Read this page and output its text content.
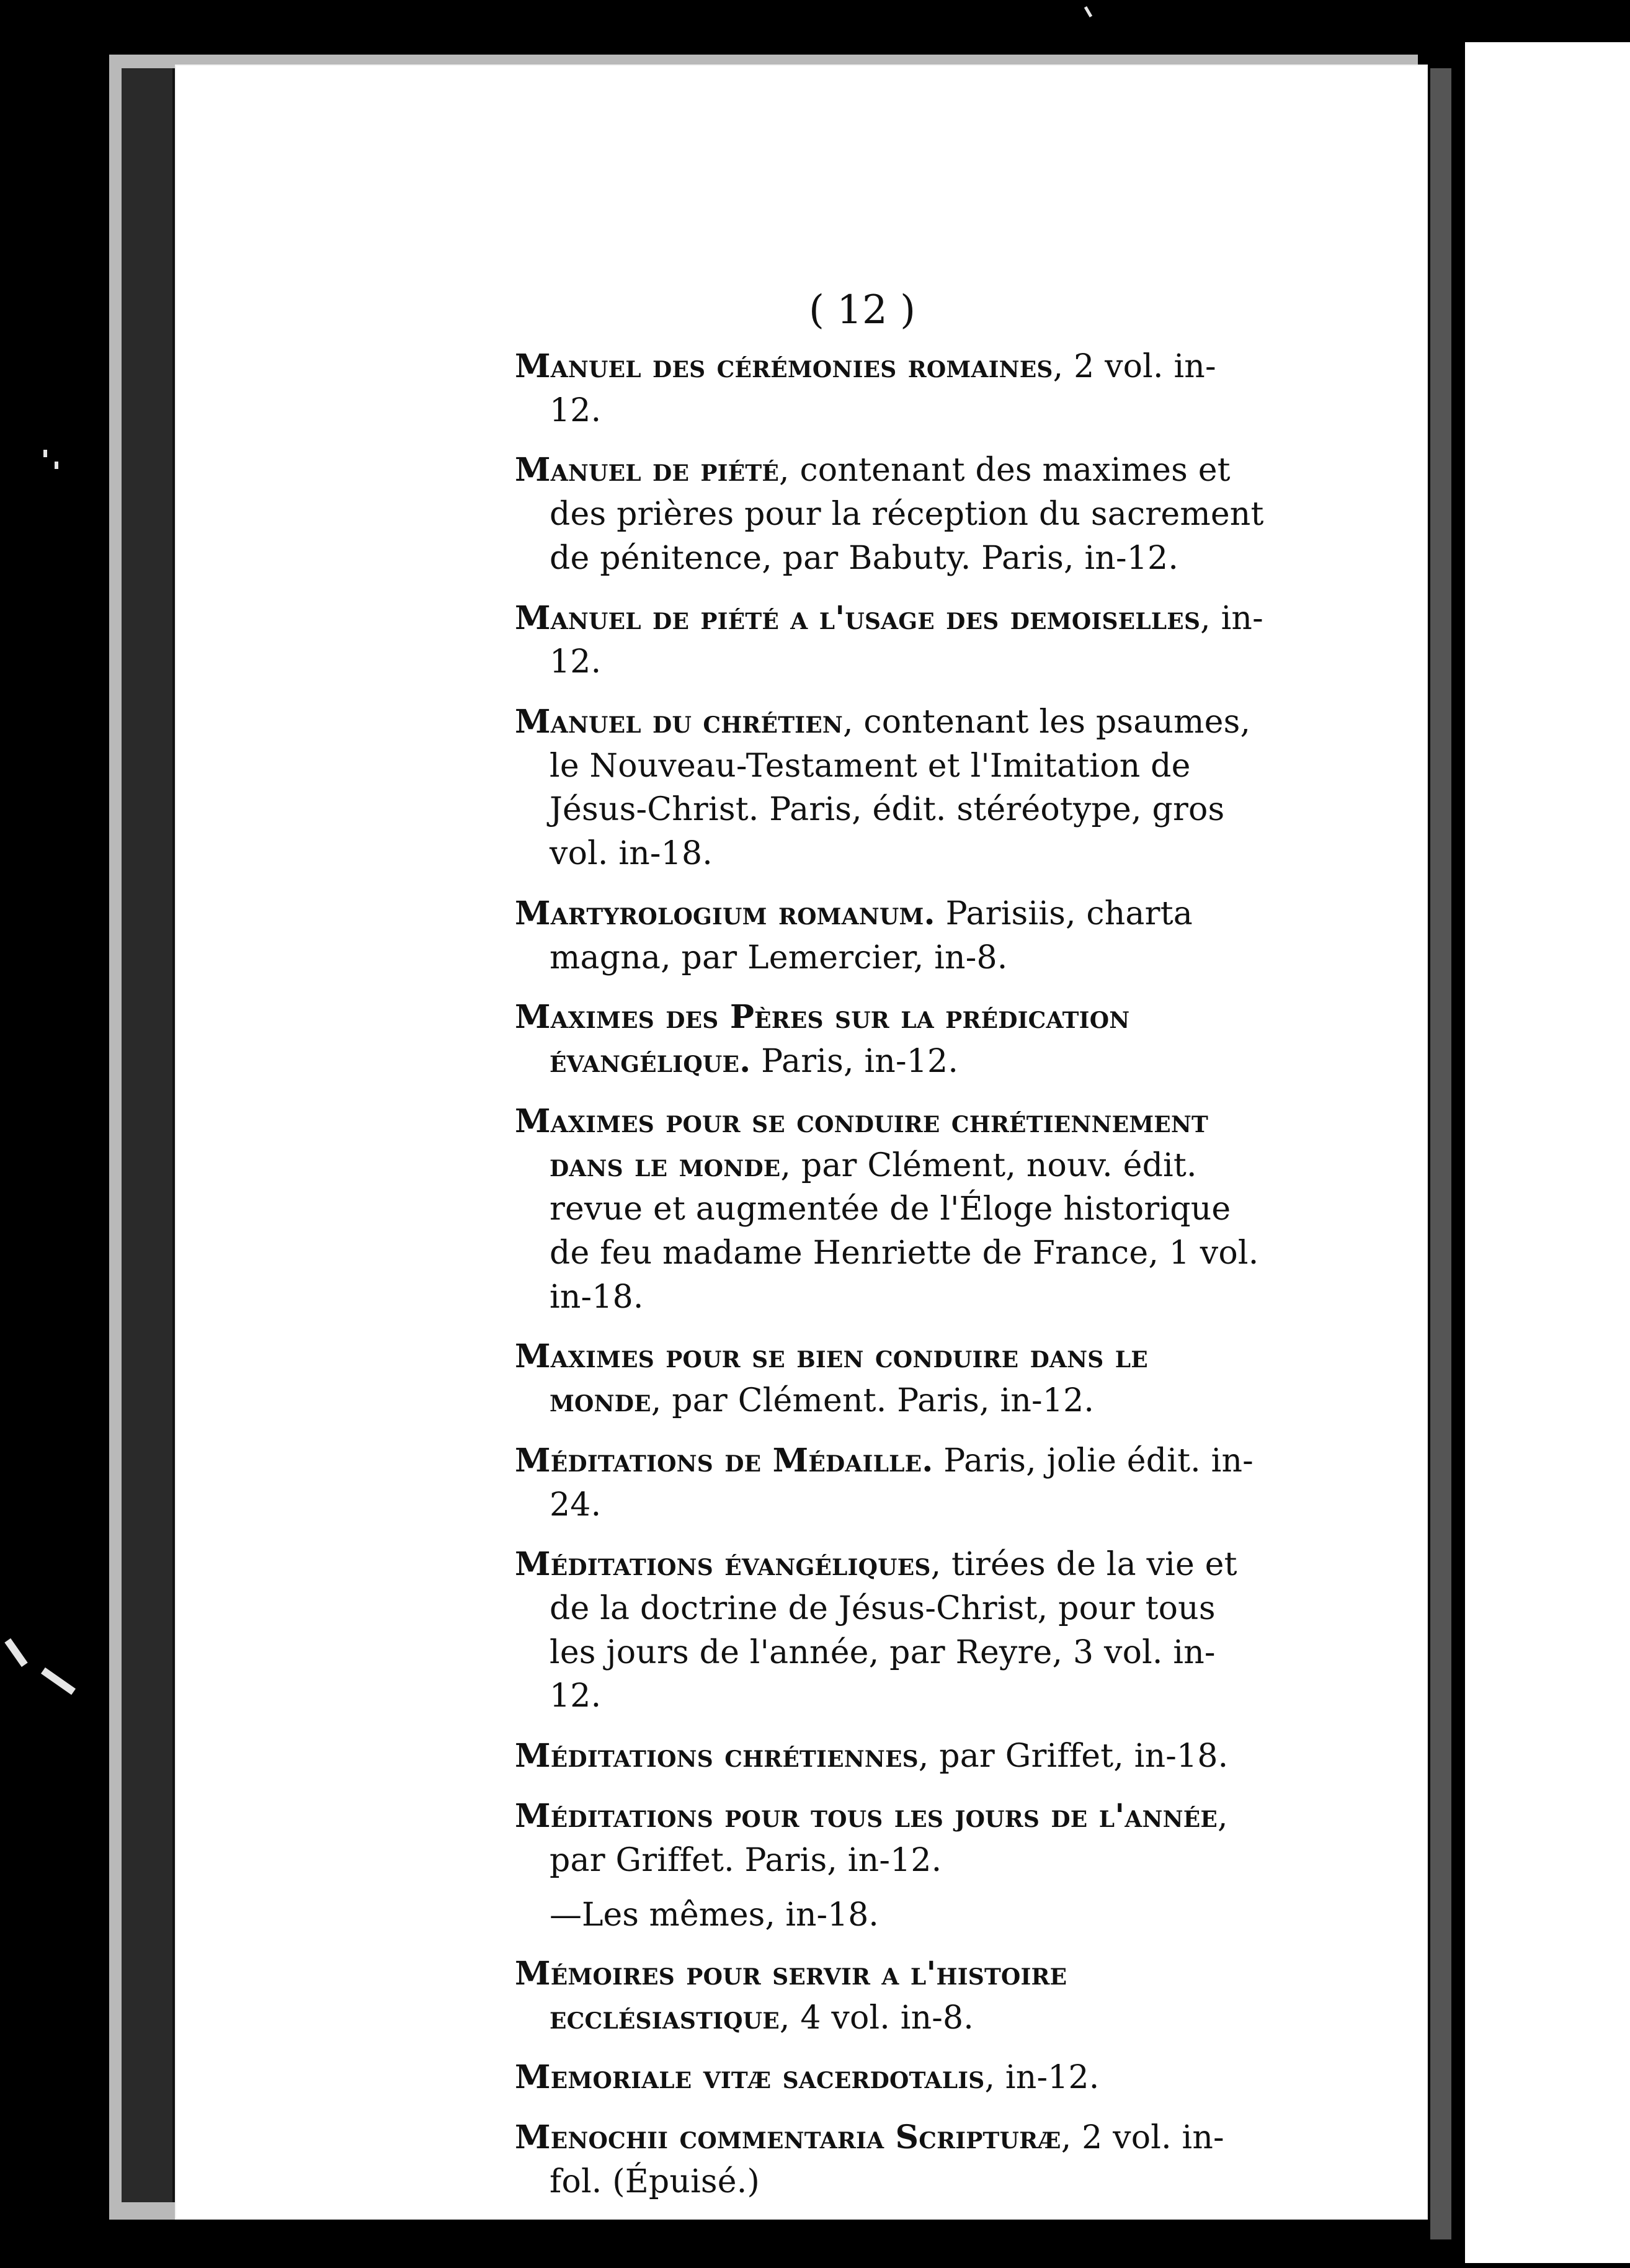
( 12 )

Manuel des cérémonies romaines, 2 vol. in-12.

Manuel de piété, contenant des maximes et des prières pour la réception du sacrement de pénitence, par Babuty. Paris, in-12.

Manuel de piété a l'usage des demoiselles, in-12.

Manuel du chrétien, contenant les psaumes, le Nouveau-Testament et l'Imitation de Jésus-Christ. Paris, édit. stéréotype, gros vol. in-18.

Martyrologium romanum. Parisiis, charta magna, par Lemercier, in-8.

Maximes des Pères sur la prédication évangélique. Paris, in-12.

Maximes pour se conduire chrétiennement dans le monde, par Clément, nouv. édit. revue et augmentée de l'Éloge historique de feu madame Henriette de France, 1 vol. in-18.

Maximes pour se bien conduire dans le monde, par Clément. Paris, in-12.

Méditations de Médaille. Paris, jolie édit. in-24.

Méditations évangéliques, tirées de la vie et de la doctrine de Jésus-Christ, pour tous les jours de l'année, par Reyre, 3 vol. in-12.

Méditations chrétiennes, par Griffet, in-18.

Méditations pour tous les jours de l'année, par Griffet. Paris, in-12.

—Les mêmes, in-18.

Mémoires pour servir a l'histoire ecclésiastique, 4 vol. in-8.

Memoriale vitæ sacerdotalis, in-12.

Menochii commentaria Scripturæ, 2 vol. in-fol. (Épuisé.)
